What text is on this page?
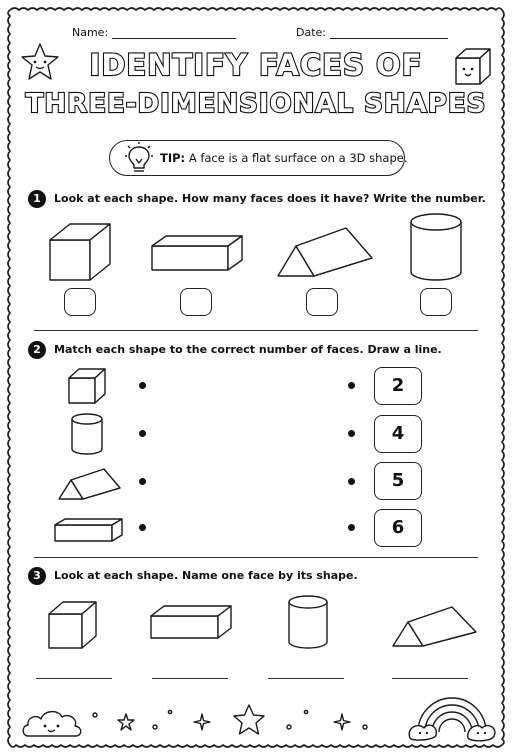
Name:	Date:
IDENTIFY FACES OF
THREE-DIMENSIONAL SHAPES
TIP: A face is a flat surface on a 3D shape.
1	Look at each shape. How many faces does it have? Write the number.
2	Match each shape to the correct number of faces. Draw a line.
2
4
5
6
3	Look at each shape. Name one face by its shape.
